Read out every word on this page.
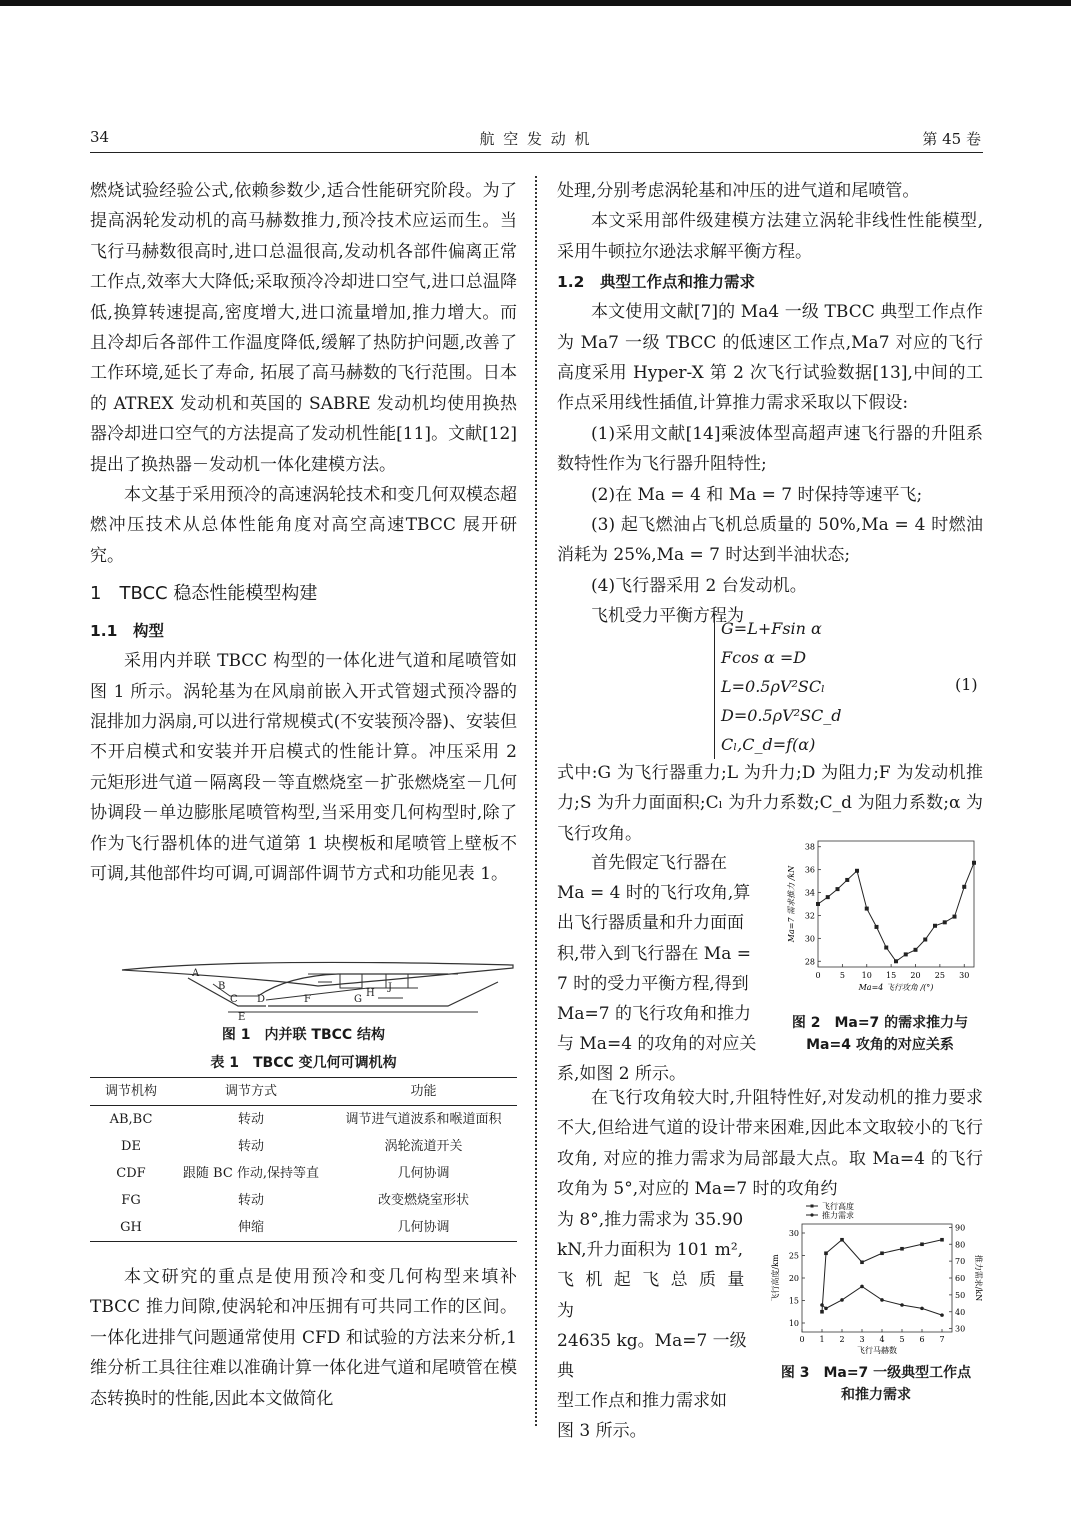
34	航 空 发 动 机	第 45 卷

燃烧试验经验公式,依赖参数少,适合性能研究阶段。为了提高涡轮发动机的高马赫数推力,预冷技术应运而生。当飞行马赫数很高时,进口总温很高,发动机各部件偏离正常工作点,效率大大降低;采取预冷冷却进口空气,进口总温降低,换算转速提高,密度增大,进口流量增加,推力增大。而且冷却后各部件工作温度降低,缓解了热防护问题,改善了工作环境,延长了寿命, 拓展了高马赫数的飞行范围。日本的 ATREX 发动机和英国的 SABRE 发动机均使用换热器冷却进口空气的方法提高了发动机性能[11]。文献[12]提出了换热器－发动机一体化建模方法。

本文基于采用预冷的高速涡轮技术和变几何双模态超燃冲压技术从总体性能角度对高空高速TBCC 展开研究。

1　TBCC 稳态性能模型构建
1.1　构型

采用内并联 TBCC 构型的一体化进气道和尾喷管如图 1 所示。涡轮基为在风扇前嵌入开式管翅式预冷器的混排加力涡扇,可以进行常规模式(不安装预冷器)、安装但不开启模式和安装并开启模式的性能计算。冲压采用 2 元矩形进气道－隔离段－等直燃烧室－扩张燃烧室－几何协调段－单边膨胀尾喷管构型,当采用变几何构型时,除了作为飞行器机体的进气道第 1 块楔板和尾喷管上壁板不可调,其他部件均可调,可调部件调节方式和功能见表 1。

A
B
C D
E
F	G
H
J
图 1　内并联 TBCC 结构
表 1　TBCC 变几何可调机构
调节机构	调节方式	功能
AB,BC	转动	调节进气道波系和喉道面积
DE	转动	涡轮流道开关
CDF	跟随 BC 作动,保持等直	几何协调
FG	转动	改变燃烧室形状
GH	伸缩	几何协调

本文研究的重点是使用预冷和变几何构型来填补 TBCC 推力间隙,使涡轮和冲压拥有可共同工作的区间。一体化进排气问题通常使用 CFD 和试验的方法来分析,1 维分析工具往往难以准确计算一体化进气道和尾喷管在模态转换时的性能,因此本文做简化

处理,分别考虑涡轮基和冲压的进气道和尾喷管。

本文采用部件级建模方法建立涡轮非线性性能模型,采用牛顿拉尔逊法求解平衡方程。

1.2　典型工作点和推力需求

本文使用文献[7]的 Ma4 一级 TBCC 典型工作点作为 Ma7 一级 TBCC 的低速区工作点,Ma7 对应的飞行高度采用 Hyper-X 第 2 次飞行试验数据[13],中间的工作点采用线性插值,计算推力需求采取以下假设:

(1)采用文献[14]乘波体型高超声速飞行器的升阻系数特性作为飞行器升阻特性;

(2)在 Ma = 4 和 Ma = 7 时保持等速平飞;

(3) 起飞燃油占飞机总质量的 50%,Ma = 4 时燃油消耗为 25%,Ma = 7 时达到半油状态;

(4)飞行器采用 2 台发动机。

飞机受力平衡方程为

G=L+Fsin α
Fcos α =D
L=0.5ρV²SCₗ
D=0.5ρV²SC_d
Cₗ,C_d=f(α)
(1)

式中:G 为飞行器重力;L 为升力;D 为阻力;F 为发动机推力;S 为升力面面积;Cₗ 为升力系数;C_d 为阻力系数;α 为飞行攻角。

首先假定飞行器在
Ma = 4 时的飞行攻角,算
出飞行器质量和升力面面
积,带入到飞行器在 Ma =
7 时的受力平衡方程,得到
Ma=7 的飞行攻角和推力
与 Ma=4 的攻角的对应关
系,如图 2 所示。
28
30
32
34
36
38
0 5 10 15 20 25 30
Ma=4 飞行攻角 /(°)
Ma=7 需求推力 /kN
图 2　Ma=7 的需求推力与
Ma=4 攻角的对应关系

在飞行攻角较大时,升阻特性好,对发动机的推力要求不大,但给进气道的设计带来困难,因此本文取较小的飞行攻角, 对应的推力需求为局部最大点。取 Ma=4 的飞行攻角为 5°,对应的 Ma=7 时的攻角约

为 8°,推力需求为 35.90
kN,升力面积为 101 m²,
飞 机 起 飞 总 质 量 为
24635 kg。Ma=7 一级典
型工作点和推力需求如
图 3 所示。
10
15
20
25
30
30
40
50
60
70
80
90
0 1 2 3 4 5 6 7
飞行高度
推力需求
飞行马赫数
飞行高度/km	推力需求/kN
图 3　Ma=7 一级典型工作点
和推力需求
